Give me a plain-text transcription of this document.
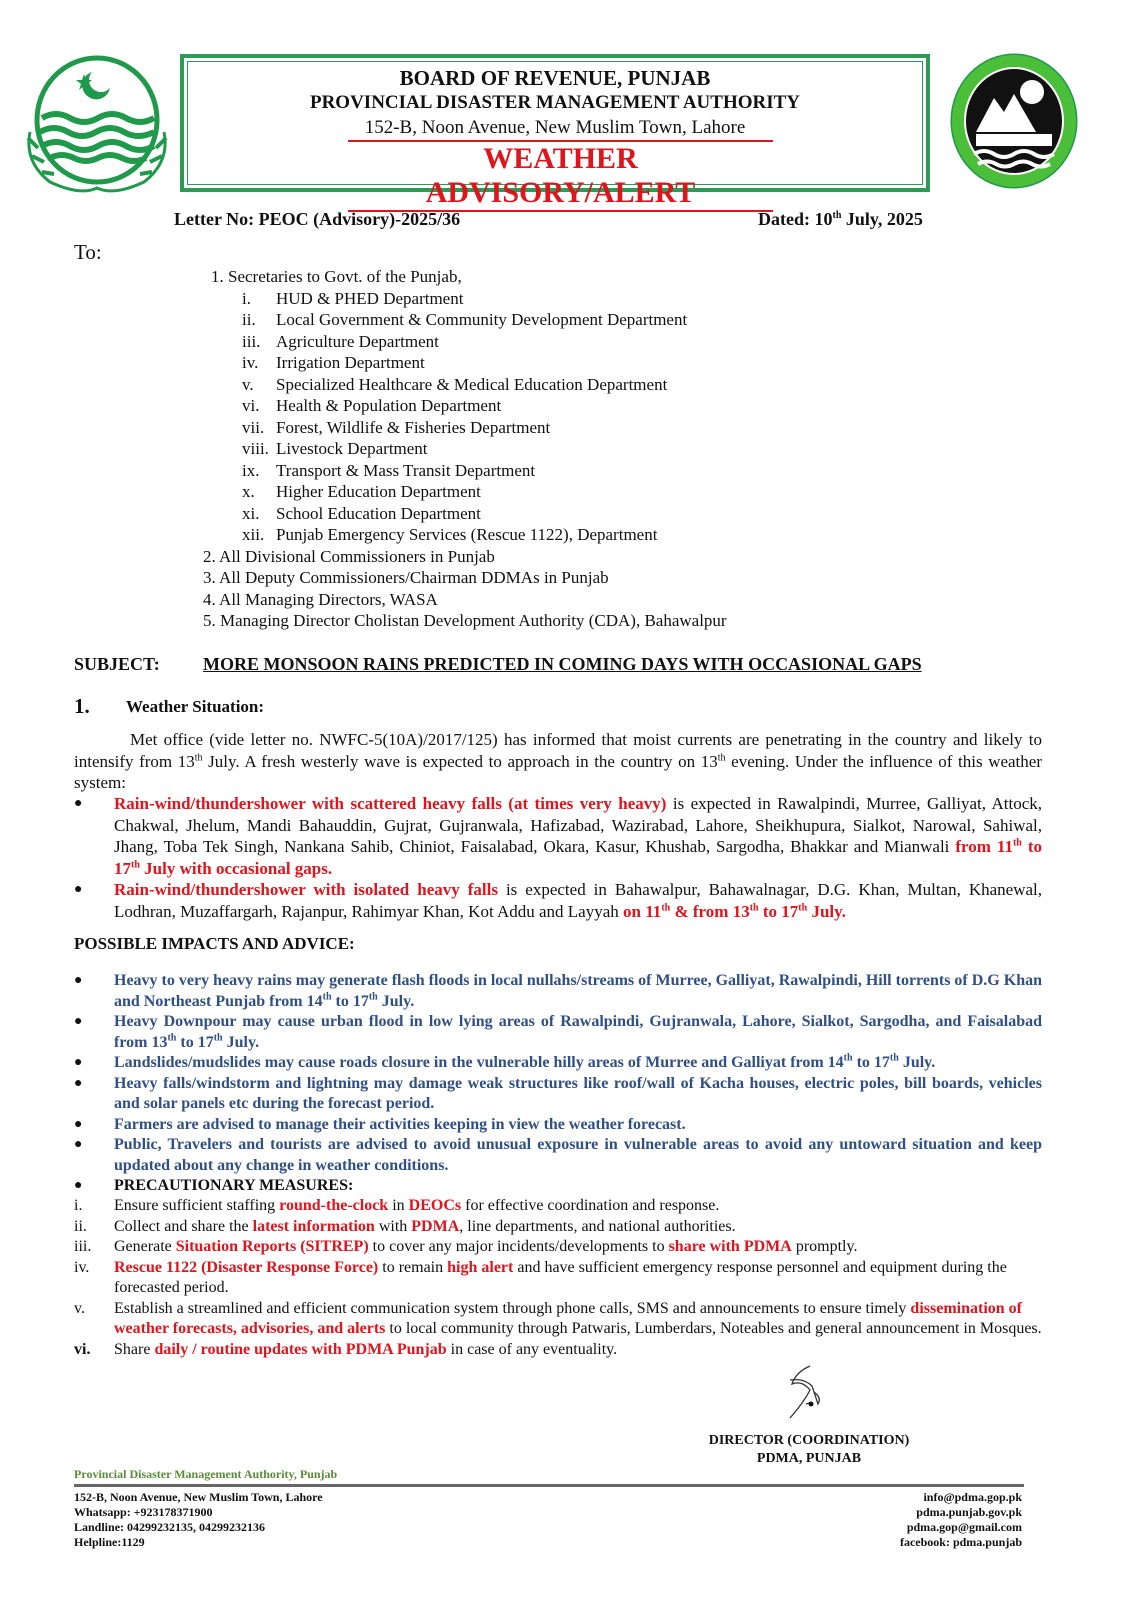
BOARD OF REVENUE, PUNJAB
PROVINCIAL DISASTER MANAGEMENT AUTHORITY
152-B, Noon Avenue, New Muslim Town, Lahore
WEATHER ADVISORY/ALERT
Letter No: PEOC (Advisory)-2025/36	Dated: 10th July, 2025
To:
1. Secretaries to Govt. of the Punjab,
i.	HUD & PHED Department
ii.	Local Government & Community Development Department
iii. Agriculture Department
iv.	Irrigation Department
v.	Specialized Healthcare & Medical Education Department
vi. Health & Population Department
vii. Forest, Wildlife & Fisheries Department
viii. Livestock Department
ix. Transport & Mass Transit Department
x.	Higher Education Department
xi. School Education Department
xii. Punjab Emergency Services (Rescue 1122), Department
2. All Divisional Commissioners in Punjab
3. All Deputy Commissioners/Chairman DDMAs in Punjab
4. All Managing Directors, WASA
5. Managing Director Cholistan Development Authority (CDA), Bahawalpur
SUBJECT: MORE MONSOON RAINS PREDICTED IN COMING DAYS WITH OCCASIONAL GAPS
1. Weather Situation:
Met office (vide letter no. NWFC-5(10A)/2017/125) has informed that moist currents are penetrating in the country and likely to intensify from 13th July. A fresh westerly wave is expected to approach in the country on 13th evening. Under the influence of this weather system:
●	Rain-wind/thundershower with scattered heavy falls (at times very heavy) is expected in Rawalpindi, Murree, Galliyat, Attock, Chakwal, Jhelum, Mandi Bahauddin, Gujrat, Gujranwala, Hafizabad, Wazirabad, Lahore, Sheikhupura, Sialkot, Narowal, Sahiwal, Jhang, Toba Tek Singh, Nankana Sahib, Chiniot, Faisalabad, Okara, Kasur, Khushab, Sargodha, Bhakkar and Mianwali from 11th to 17th July with occasional gaps.
●	Rain-wind/thundershower with isolated heavy falls is expected in Bahawalpur, Bahawalnagar, D.G. Khan, Multan, Khanewal, Lodhran, Muzaffargarh, Rajanpur, Rahimyar Khan, Kot Addu and Layyah on 11th & from 13th to 17th July.
POSSIBLE IMPACTS AND ADVICE:
●	Heavy to very heavy rains may generate flash floods in local nullahs/streams of Murree, Galliyat, Rawalpindi, Hill torrents of D.G Khan and Northeast Punjab from 14th to 17th July.
●	Heavy Downpour may cause urban flood in low lying areas of Rawalpindi, Gujranwala, Lahore, Sialkot, Sargodha, and Faisalabad from 13th to 17th July.
●	Landslides/mudslides may cause roads closure in the vulnerable hilly areas of Murree and Galliyat from 14th to 17th July.
●	Heavy falls/windstorm and lightning may damage weak structures like roof/wall of Kacha houses, electric poles, bill boards, vehicles and solar panels etc during the forecast period.
●	Farmers are advised to manage their activities keeping in view the weather forecast.
●	Public, Travelers and tourists are advised to avoid unusual exposure in vulnerable areas to avoid any untoward situation and keep updated about any change in weather conditions.
●	PRECAUTIONARY MEASURES:
i.	Ensure sufficient staffing round-the-clock in DEOCs for effective coordination and response.
ii.	Collect and share the latest information with PDMA, line departments, and national authorities.
iii.	Generate Situation Reports (SITREP) to cover any major incidents/developments to share with PDMA promptly.
iv.	Rescue 1122 (Disaster Response Force) to remain high alert and have sufficient emergency response personnel and equipment during the forecasted period.
v.	Establish a streamlined and efficient communication system through phone calls, SMS and announcements to ensure timely dissemination of weather forecasts, advisories, and alerts to local community through Patwaris, Lumberdars, Noteables and general announcement in Mosques.
vi.	Share daily / routine updates with PDMA Punjab in case of any eventuality.
DIRECTOR (COORDINATION)
PDMA, PUNJAB
Provincial Disaster Management Authority, Punjab
152-B, Noon Avenue, New Muslim Town, Lahore
Whatsapp: +923178371900
Landline: 04299232135, 04299232136
Helpline:1129
info@pdma.gop.pk
pdma.punjab.gov.pk
pdma.gop@gmail.com
facebook: pdma.punjab
